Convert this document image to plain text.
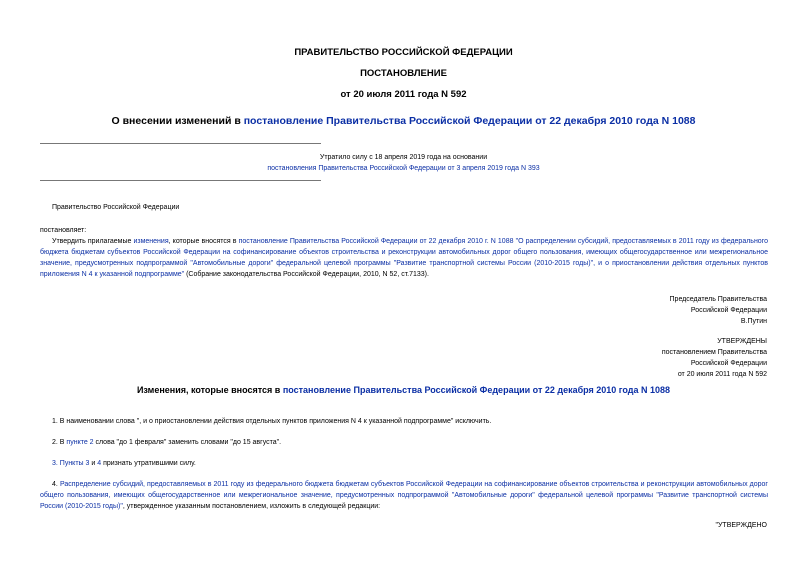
ПРАВИТЕЛЬСТВО РОССИЙСКОЙ ФЕДЕРАЦИИ
ПОСТАНОВЛЕНИЕ
от 20 июля 2011 года N 592
О внесении изменений в постановление Правительства Российской Федерации от 22 декабря 2010 года N 1088
Утратило силу с 18 апреля 2019 года на основании
постановления Правительства Российской Федерации от 3 апреля 2019 года N 393
Правительство Российской Федерации
постановляет:
Утвердить прилагаемые изменения, которые вносятся в постановление Правительства Российской Федерации от 22 декабря 2010 г. N 1088 "О распределении субсидий, предоставляемых в 2011 году из федерального бюджета бюджетам субъектов Российской Федерации на софинансирование объектов строительства и реконструкции автомобильных дорог общего пользования, имеющих общегосударственное или межрегиональное значение, предусмотренных подпрограммой "Автомобильные дороги" федеральной целевой программы "Развитие транспортной системы России (2010-2015 годы)", и о приостановлении действия отдельных пунктов приложения N 4 к указанной подпрограмме" (Собрание законодательства Российской Федерации, 2010, N 52, ст.7133).
Председатель Правительства
Российской Федерации
В.Путин
УТВЕРЖДЕНЫ
постановлением Правительства
Российской Федерации
от 20 июля 2011 года N 592
Изменения, которые вносятся в постановление Правительства Российской Федерации от 22 декабря 2010 года N 1088
1. В наименовании слова ", и о приостановлении действия отдельных пунктов приложения N 4 к указанной подпрограмме" исключить.
2. В пункте 2 слова "до 1 февраля" заменить словами "до 15 августа".
3. Пункты 3 и 4 признать утратившими силу.
4. Распределение субсидий, предоставляемых в 2011 году из федерального бюджета бюджетам субъектов Российской Федерации на софинансирование объектов строительства и реконструкции автомобильных дорог общего пользования, имеющих общегосударственное или межрегиональное значение, предусмотренных подпрограммой "Автомобильные дороги" федеральной целевой программы "Развитие транспортной системы России (2010-2015 годы)", утвержденное указанным постановлением, изложить в следующей редакции:
"УТВЕРЖДЕНО
